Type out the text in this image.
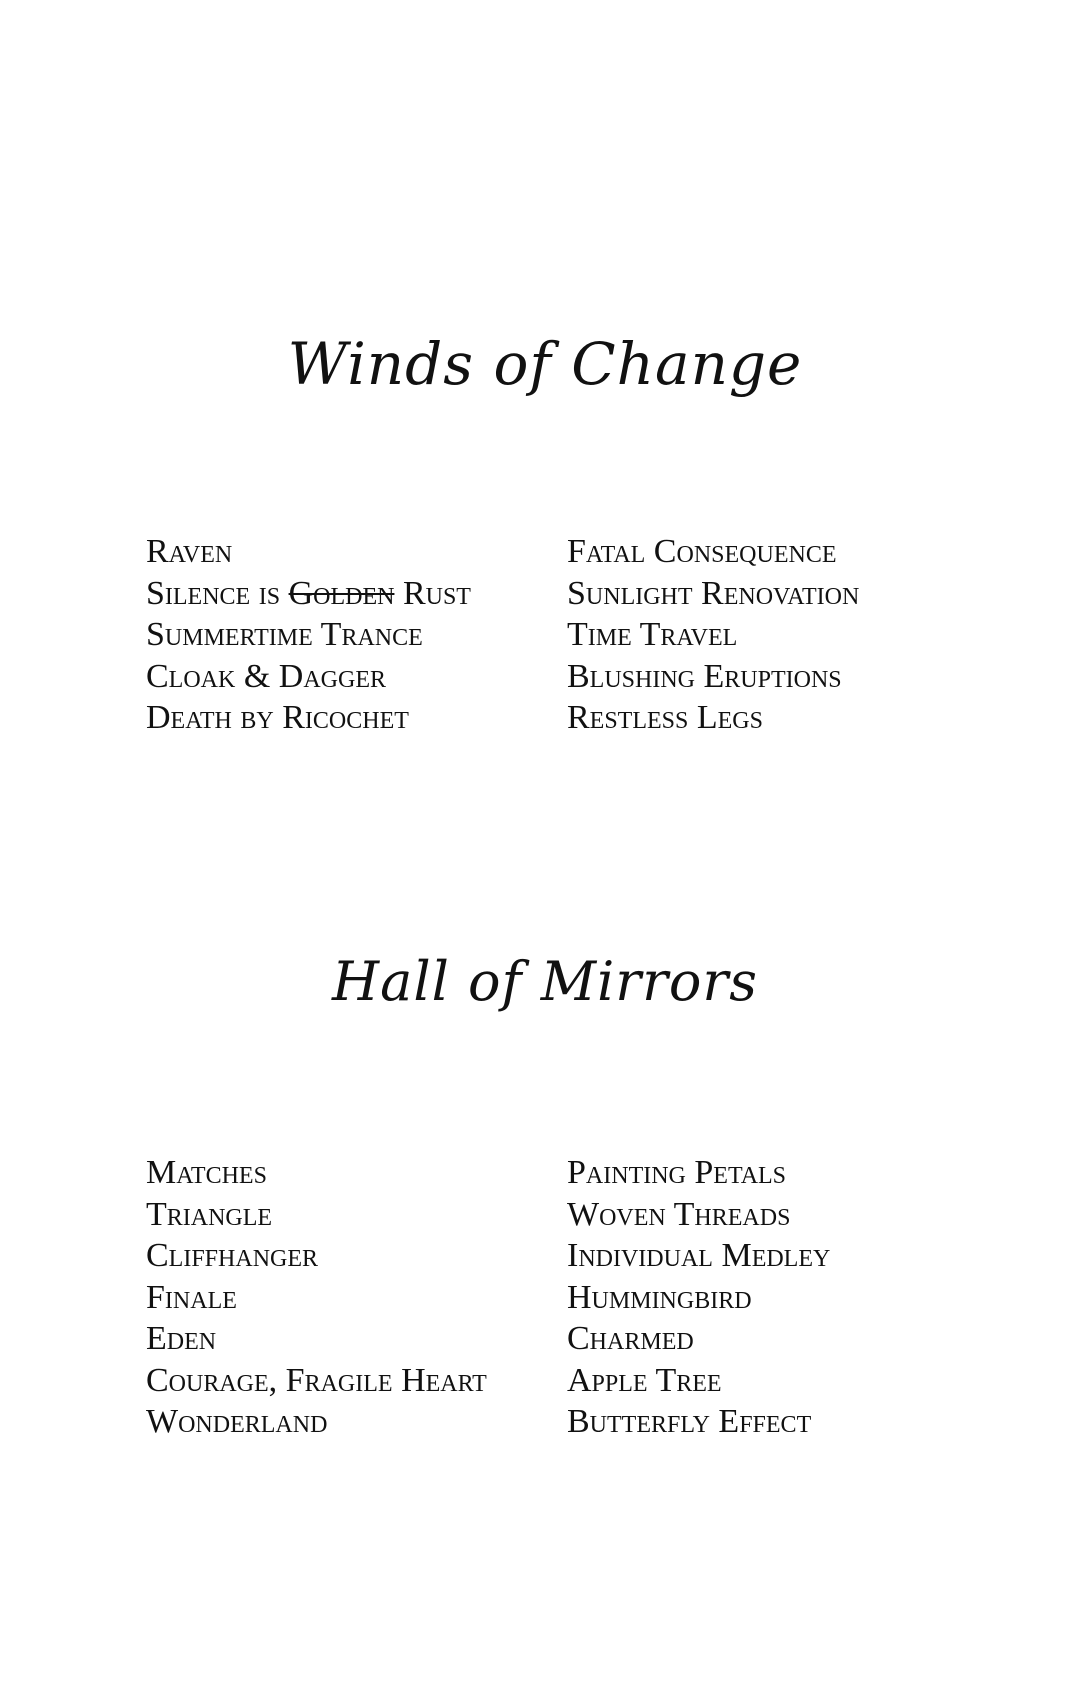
Winds of Change
Raven
Silence is Golden Rust
Summertime Trance
Cloak & Dagger
Death by Ricochet
Fatal Consequence
Sunlight Renovation
Time Travel
Blushing Eruptions
Restless Legs
Hall of Mirrors
Matches
Triangle
Cliffhanger
Finale
Eden
Courage, Fragile Heart
Wonderland
Painting Petals
Woven Threads
Individual Medley
Hummingbird
Charmed
Apple Tree
Butterfly Effect
